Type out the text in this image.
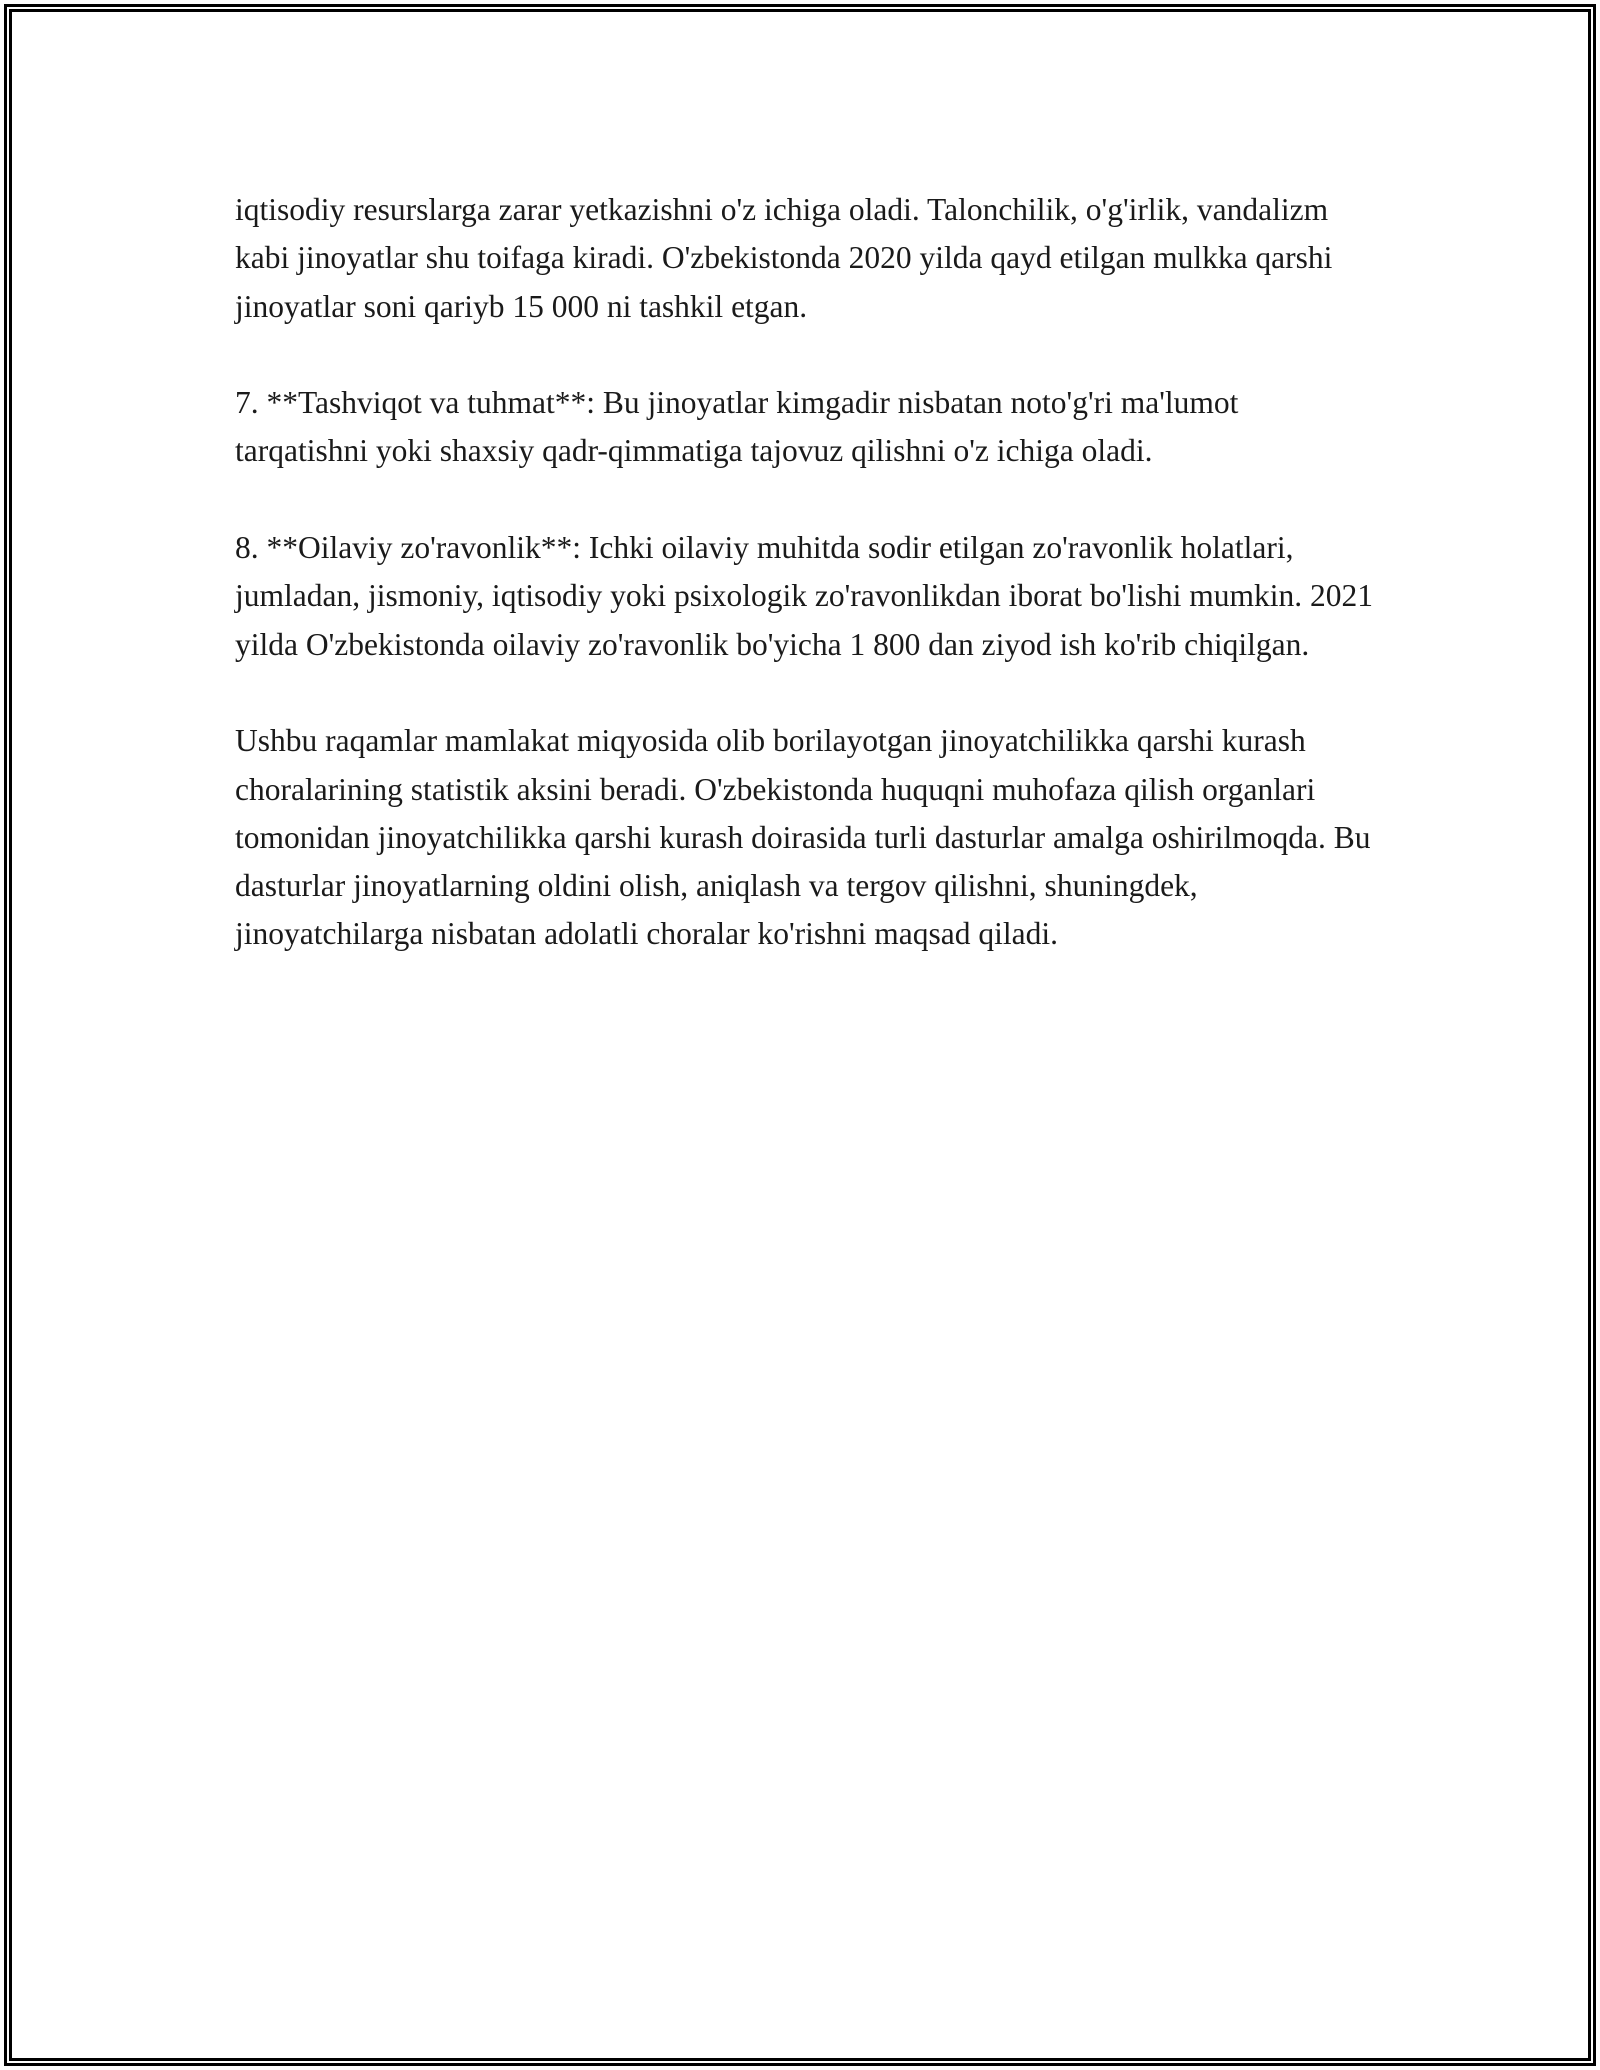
iqtisodiy resurslarga zarar yetkazishni o'z ichiga oladi. Talonchilik, o'g'irlik, vandalizm kabi jinoyatlar shu toifaga kiradi. O'zbekistonda 2020 yilda qayd etilgan mulkka qarshi jinoyatlar soni qariyb 15 000 ni tashkil etgan.

7. **Tashviqot va tuhmat**: Bu jinoyatlar kimgadir nisbatan noto'g'ri ma'lumot tarqatishni yoki shaxsiy qadr-qimmatiga tajovuz qilishni o'z ichiga oladi.

8. **Oilaviy zo'ravonlik**: Ichki oilaviy muhitda sodir etilgan zo'ravonlik holatlari, jumladan, jismoniy, iqtisodiy yoki psixologik zo'ravonlikdan iborat bo'lishi mumkin. 2021 yilda O'zbekistonda oilaviy zo'ravonlik bo'yicha 1 800 dan ziyod ish ko'rib chiqilgan.

Ushbu raqamlar mamlakat miqyosida olib borilayotgan jinoyatchilikka qarshi kurash choralarining statistik aksini beradi. O'zbekistonda huquqni muhofaza qilish organlari tomonidan jinoyatchilikka qarshi kurash doirasida turli dasturlar amalga oshirilmoqda. Bu dasturlar jinoyatlarning oldini olish, aniqlash va tergov qilishni, shuningdek, jinoyatchilarga nisbatan adolatli choralar ko'rishni maqsad qiladi.
